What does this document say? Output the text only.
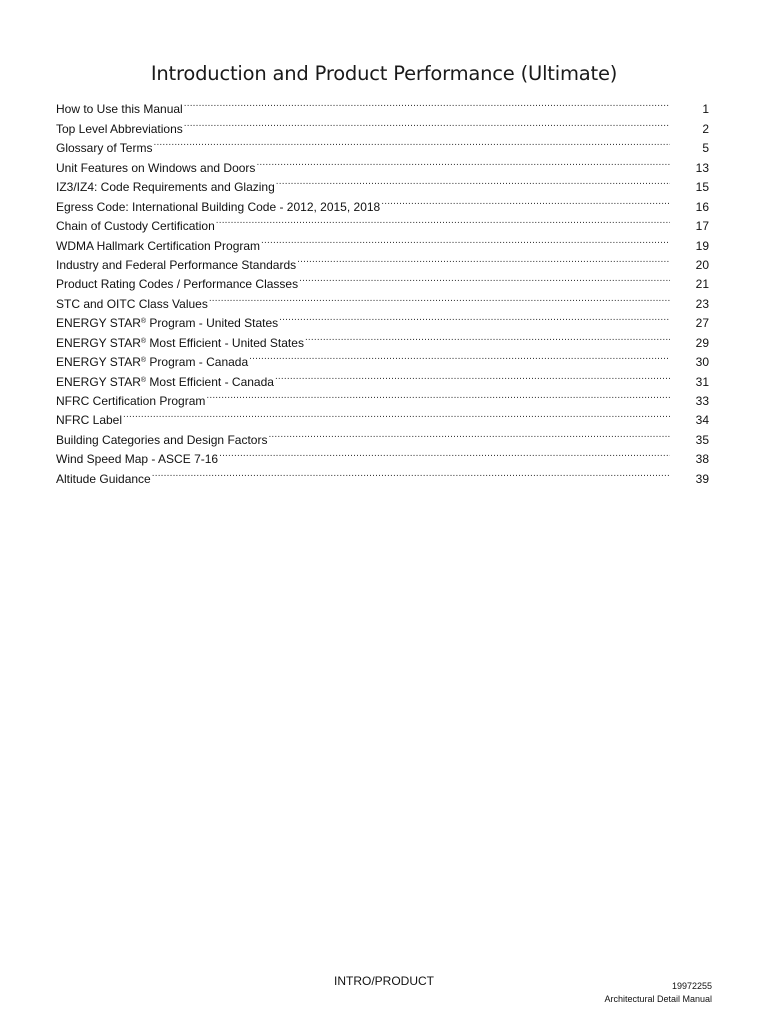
Introduction and Product Performance (Ultimate)
How to Use this Manual .....	1
Top Level Abbreviations .....	2
Glossary of Terms .....	5
Unit Features on Windows and Doors .....	13
IZ3/IZ4: Code Requirements and Glazing .....	15
Egress Code: International Building Code - 2012, 2015, 2018 .....	16
Chain of Custody Certification .....	17
WDMA Hallmark Certification Program .....	19
Industry and Federal Performance Standards .....	20
Product Rating Codes / Performance Classes .....	21
STC and OITC Class Values .....	23
ENERGY STAR® Program - United States .....	27
ENERGY STAR® Most Efficient - United States .....	29
ENERGY STAR® Program - Canada .....	30
ENERGY STAR® Most Efficient - Canada .....	31
NFRC Certification Program .....	33
NFRC Label .....	34
Building Categories and Design Factors .....	35
Wind Speed Map - ASCE 7-16 .....	38
Altitude Guidance .....	39
INTRO/PRODUCT	19972255
Architectural Detail Manual
